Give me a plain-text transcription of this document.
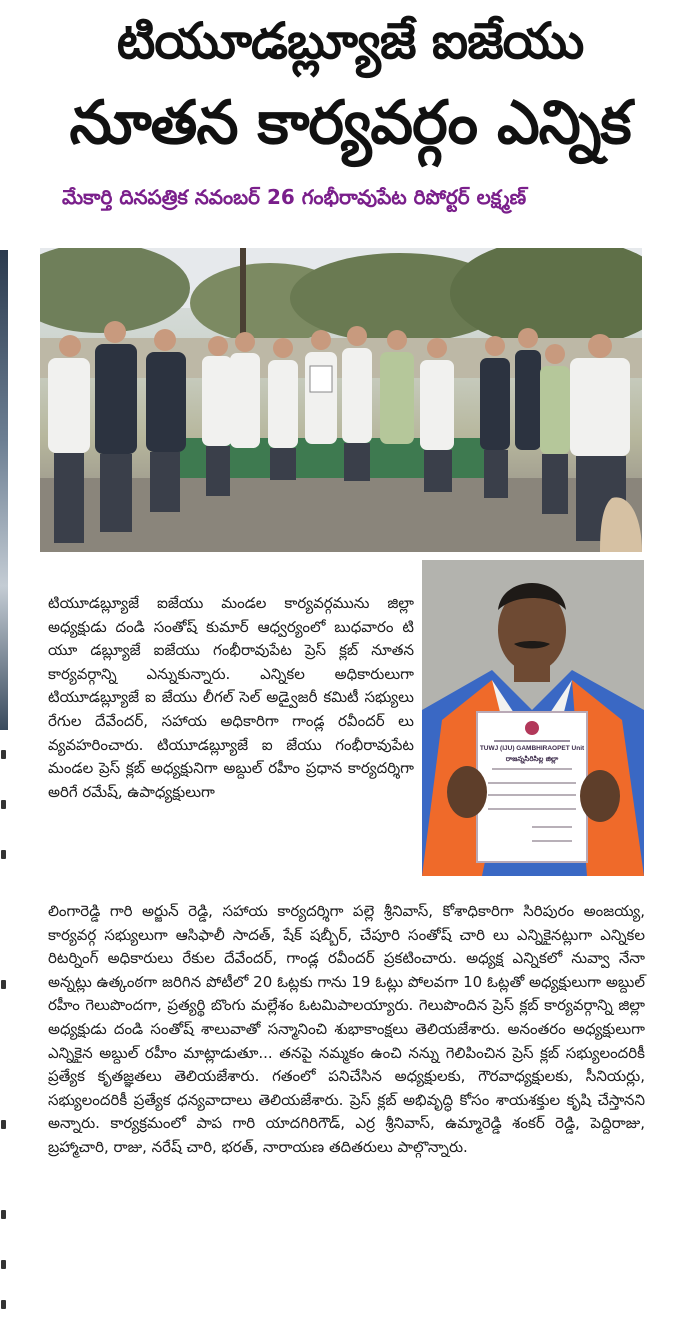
టియూడబ్ల్యూజే ఐజేయు
నూతన కార్యవర్గం ఎన్నిక
మేకార్తి దినపత్రిక నవంబర్ 26 గంభీరావుపేట రిపోర్టర్ లక్ష్మణ్
TUWJ (IJU) GAMBHIRAOPET Unit
రాజన్నసిరిసిల్ల జిల్లా

టియూడబ్ల్యూజే ఐజేయు మండల కార్యవర్గమును జిల్లా అధ్యక్షుడు దండి సంతోష్ కుమార్ ఆధ్వర్యంలో బుధవారం టి యూ డబ్ల్యూజే ఐజేయు గంభీరావుపేట ప్రెస్ క్లబ్ నూతన కార్యవర్గాన్ని ఎన్నుకున్నారు. ఎన్నికల అధికారులుగా టియూడబ్ల్యూజే ఐ జేయు లీగల్ సెల్ అడ్వైజరీ కమిటీ సభ్యులు రేగుల దేవేందర్, సహాయ అధికారిగా గాండ్ల రవీందర్ లు వ్యవహరించారు. టియూడబ్ల్యూజే ఐ జేయు గంభీరావుపేట మండల ప్రెస్ క్లబ్ అధ్యక్షునిగా అబ్దుల్ రహీం ప్రధాన కార్యదర్శిగా అరిగే రమేష్, ఉపాధ్యక్షులుగా

లింగారెడ్డి గారి అర్జున్ రెడ్డి, సహాయ కార్యదర్శిగా పల్లె శ్రీనివాస్, కోశాధికారిగా సిరిపురం అంజయ్య, కార్యవర్గ సభ్యులుగా ఆసిఫాలీ సాదత్, షేక్ షబ్బీర్, చేపూరి సంతోష్ చారి లు ఎన్నికైనట్లుగా ఎన్నికల రిటర్నింగ్ అధికారులు రేకుల దేవేందర్, గాండ్ల రవీందర్ ప్రకటించారు. అధ్యక్ష ఎన్నికలో నువ్వా నేనా అన్నట్లు ఉత్కంఠగా జరిగిన పోటీలో 20 ఓట్లకు గాను 19 ఓట్లు పోలవగా 10 ఓట్లతో అధ్యక్షులుగా అబ్దుల్ రహీం గెలుపొందగా, ప్రత్యర్థి బొంగు మల్లేశం ఓటమిపాలయ్యారు. గెలుపొందిన ప్రెస్ క్లబ్ కార్యవర్గాన్ని జిల్లా అధ్యక్షుడు దండి సంతోష్ శాలువాతో సన్మానించి శుభాకాంక్షలు తెలియజేశారు. అనంతరం అధ్యక్షులుగా ఎన్నికైన అబ్దుల్ రహీం మాట్లాడుతూ... తనపై నమ్మకం ఉంచి నన్ను గెలిపించిన ప్రెస్ క్లబ్ సభ్యులందరికీ ప్రత్యేక కృతజ్ఞతలు తెలియజేశారు. గతంలో పనిచేసిన అధ్యక్షులకు, గౌరవాధ్యక్షులకు, సీనియర్లు, సభ్యులందరికీ ప్రత్యేక ధన్యవాదాలు తెలియజేశారు. ప్రెస్ క్లబ్ అభివృద్ధి కోసం శాయశక్తుల కృషి చేస్తానని అన్నారు. కార్యక్రమంలో పాప గారి యాదగిరిగౌడ్, ఎర్ర శ్రీనివాస్, ఉమ్మారెడ్డి శంకర్ రెడ్డి, పెద్దిరాజు, బ్రహ్మాచారి, రాజు, నరేష్ చారి, భరత్, నారాయణ తదితరులు పాల్గొన్నారు.
